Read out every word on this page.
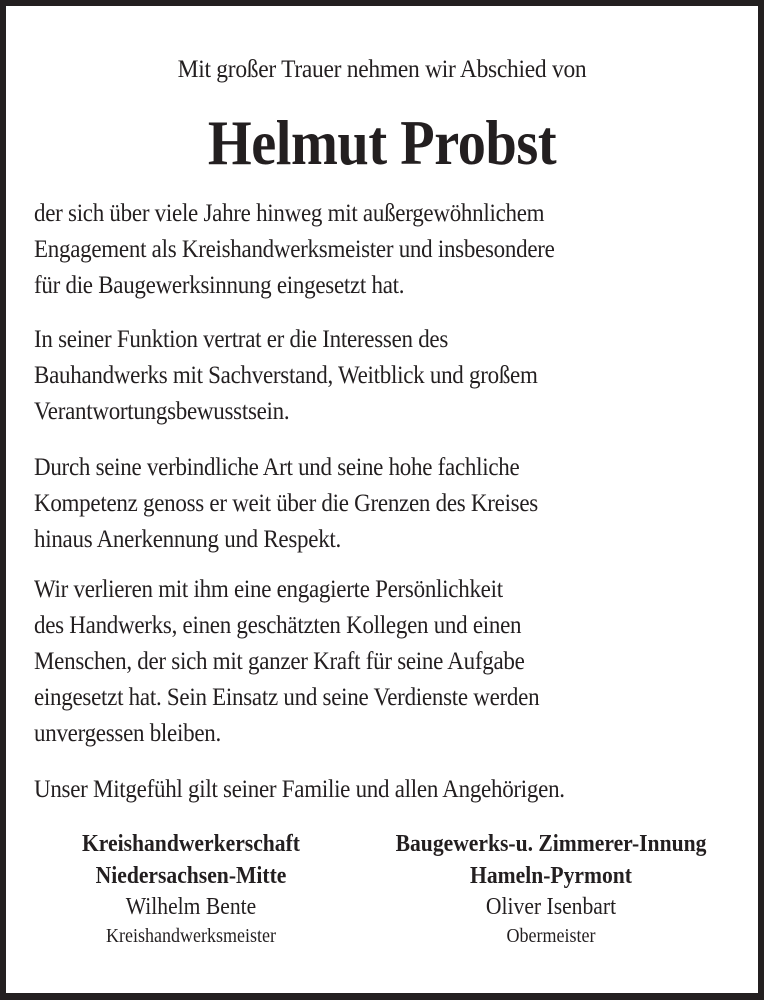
Mit großer Trauer nehmen wir Abschied von
Helmut Probst
der sich über viele Jahre hinweg mit außergewöhnlichem
Engagement als Kreishandwerksmeister und insbesondere
für die Baugewerksinnung eingesetzt hat.
In seiner Funktion vertrat er die Interessen des
Bauhandwerks mit Sachverstand, Weitblick und großem
Verantwortungsbewusstsein.
Durch seine verbindliche Art und seine hohe fachliche
Kompetenz genoss er weit über die Grenzen des Kreises
hinaus Anerkennung und Respekt.
Wir verlieren mit ihm eine engagierte Persönlichkeit
des Handwerks, einen geschätzten Kollegen und einen
Menschen, der sich mit ganzer Kraft für seine Aufgabe
eingesetzt hat. Sein Einsatz und seine Verdienste werden
unvergessen bleiben.
Unser Mitgefühl gilt seiner Familie und allen Angehörigen.
Kreishandwerkerschaft
Niedersachsen-Mitte
Wilhelm Bente
Kreishandwerksmeister
Baugewerks-u. Zimmerer-Innung
Hameln-Pyrmont
Oliver Isenbart
Obermeister
